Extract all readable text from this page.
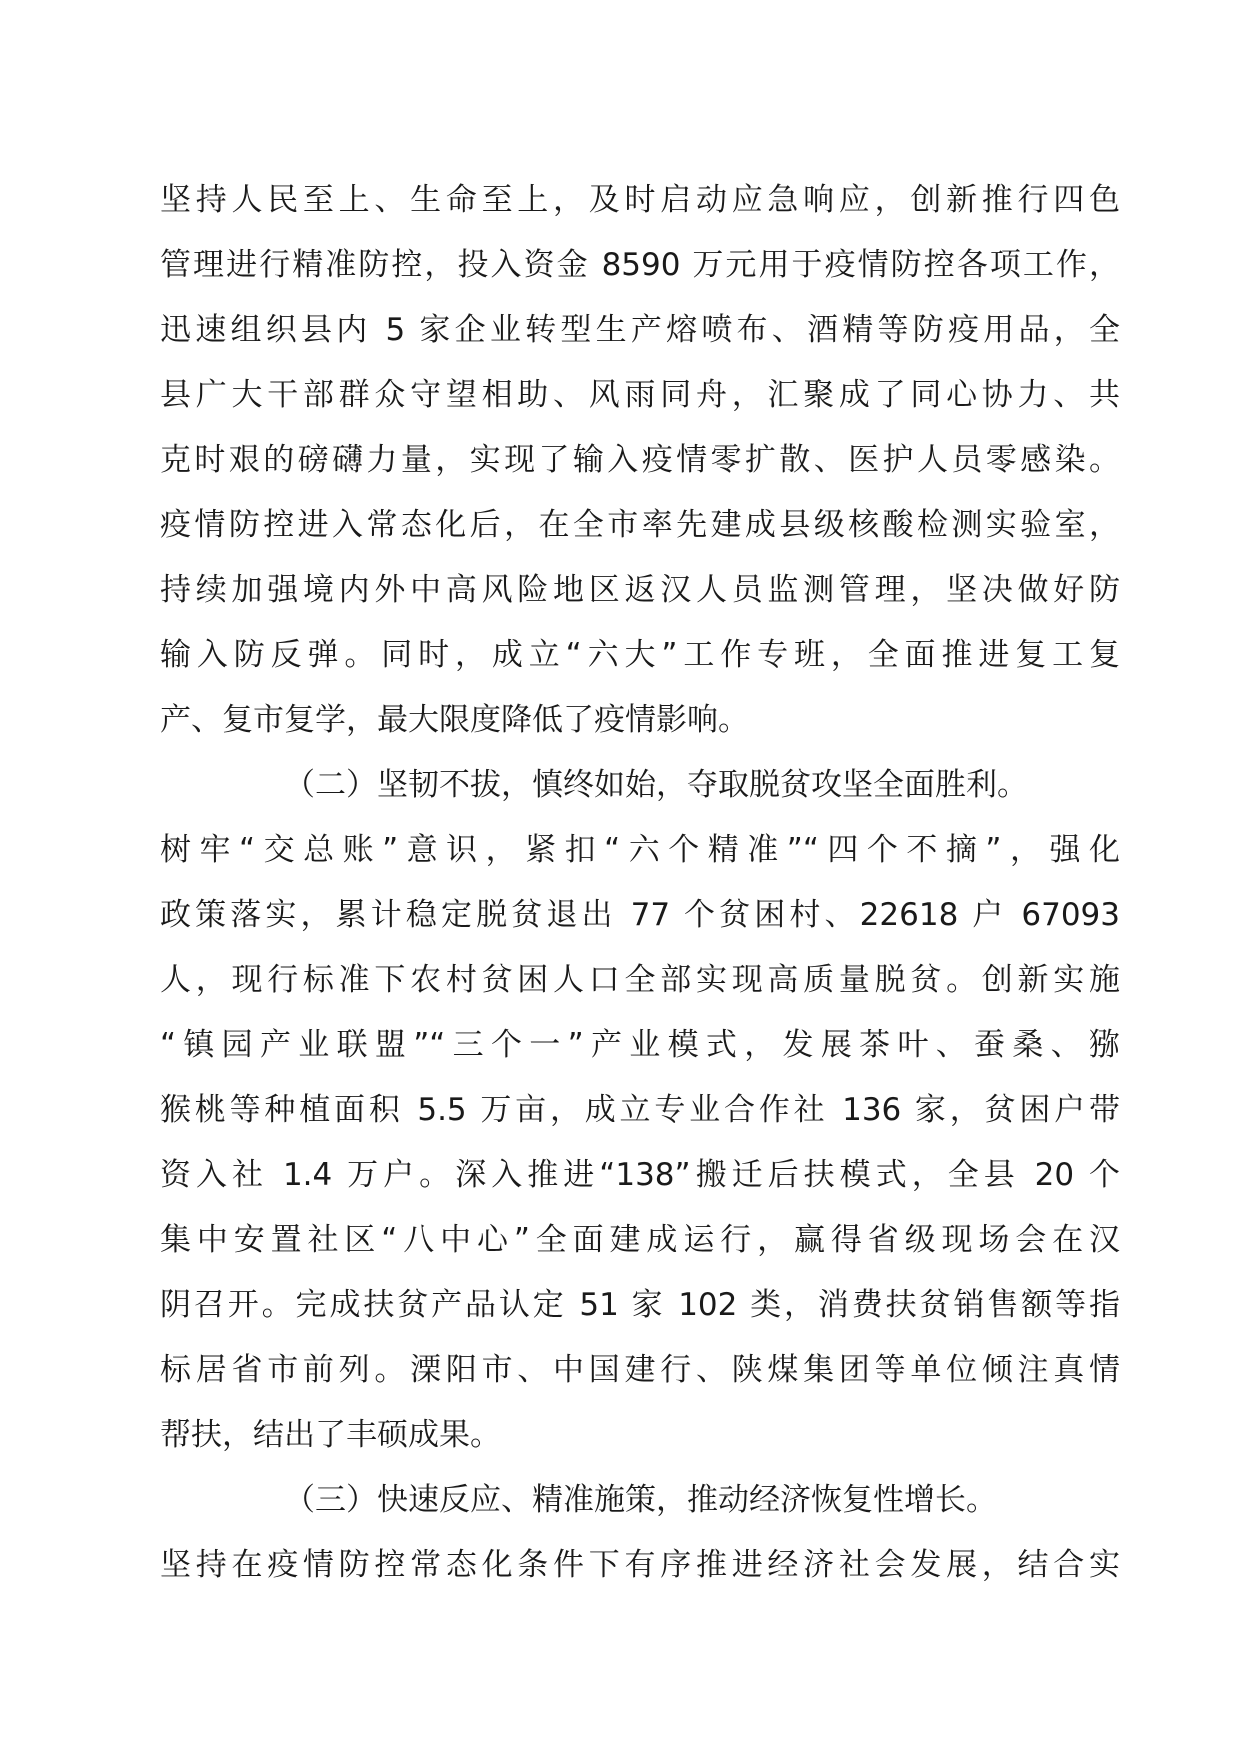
坚持人民至上、生命至上，及时启动应急响应，创新推行四色
管理进行精准防控，投入资金 8590 万元用于疫情防控各项工作，
迅速组织县内 5 家企业转型生产熔喷布、酒精等防疫用品，全
县广大干部群众守望相助、风雨同舟，汇聚成了同心协力、共
克时艰的磅礴力量，实现了输入疫情零扩散、医护人员零感染。
疫情防控进入常态化后，在全市率先建成县级核酸检测实验室，
持续加强境内外中高风险地区返汉人员监测管理，坚决做好防
输入防反弹。同时，成立“六大”工作专班，全面推进复工复
产、复市复学，最大限度降低了疫情影响。
（二）坚韧不拔，慎终如始，夺取脱贫攻坚全面胜利。
树牢“交总账”意识，紧扣“六个精准”“四个不摘”，强化
政策落实，累计稳定脱贫退出 77 个贫困村、22618 户 67093
人，现行标准下农村贫困人口全部实现高质量脱贫。创新实施
“镇园产业联盟”“三个一”产业模式，发展茶叶、蚕桑、猕
猴桃等种植面积 5.5 万亩，成立专业合作社 136 家，贫困户带
资入社 1.4 万户。深入推进“138”搬迁后扶模式，全县 20 个
集中安置社区“八中心”全面建成运行，赢得省级现场会在汉
阴召开。完成扶贫产品认定 51 家 102 类，消费扶贫销售额等指
标居省市前列。溧阳市、中国建行、陕煤集团等单位倾注真情
帮扶，结出了丰硕成果。
（三）快速反应、精准施策，推动经济恢复性增长。
坚持在疫情防控常态化条件下有序推进经济社会发展，结合实
